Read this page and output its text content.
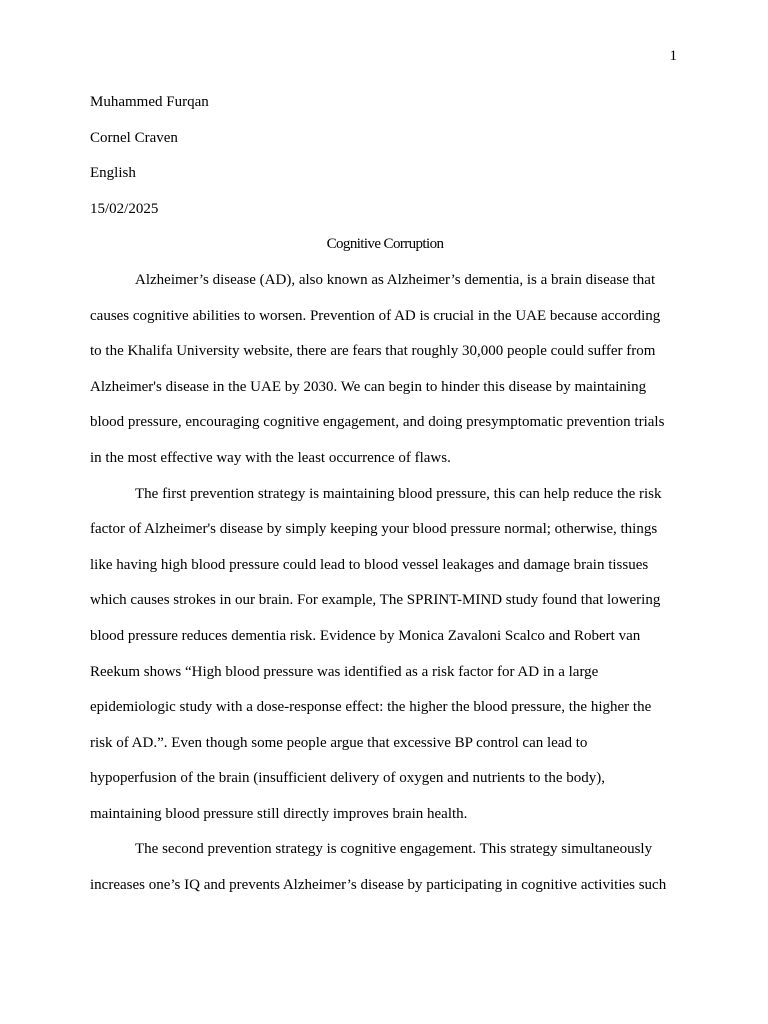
1
Muhammed Furqan
Cornel Craven
English
15/02/2025
Cognitive Corruption
Alzheimer’s disease (AD), also known as Alzheimer’s dementia, is a brain disease that
causes cognitive abilities to worsen. Prevention of AD is crucial in the UAE because according
to the Khalifa University website, there are fears that roughly 30,000 people could suffer from
Alzheimer's disease in the UAE by 2030. We can begin to hinder this disease by maintaining
blood pressure, encouraging cognitive engagement, and doing presymptomatic prevention trials
in the most effective way with the least occurrence of flaws.
The first prevention strategy is maintaining blood pressure, this can help reduce the risk
factor of Alzheimer's disease by simply keeping your blood pressure normal; otherwise, things
like having high blood pressure could lead to blood vessel leakages and damage brain tissues
which causes strokes in our brain. For example, The SPRINT-MIND study found that lowering
blood pressure reduces dementia risk. Evidence by Monica Zavaloni Scalco and Robert van
Reekum shows “High blood pressure was identified as a risk factor for AD in a large
epidemiologic study with a dose-response effect: the higher the blood pressure, the higher the
risk of AD.”. Even though some people argue that excessive BP control can lead to
hypoperfusion of the brain (insufficient delivery of oxygen and nutrients to the body),
maintaining blood pressure still directly improves brain health.
The second prevention strategy is cognitive engagement. This strategy simultaneously
increases one’s IQ and prevents Alzheimer’s disease by participating in cognitive activities such
